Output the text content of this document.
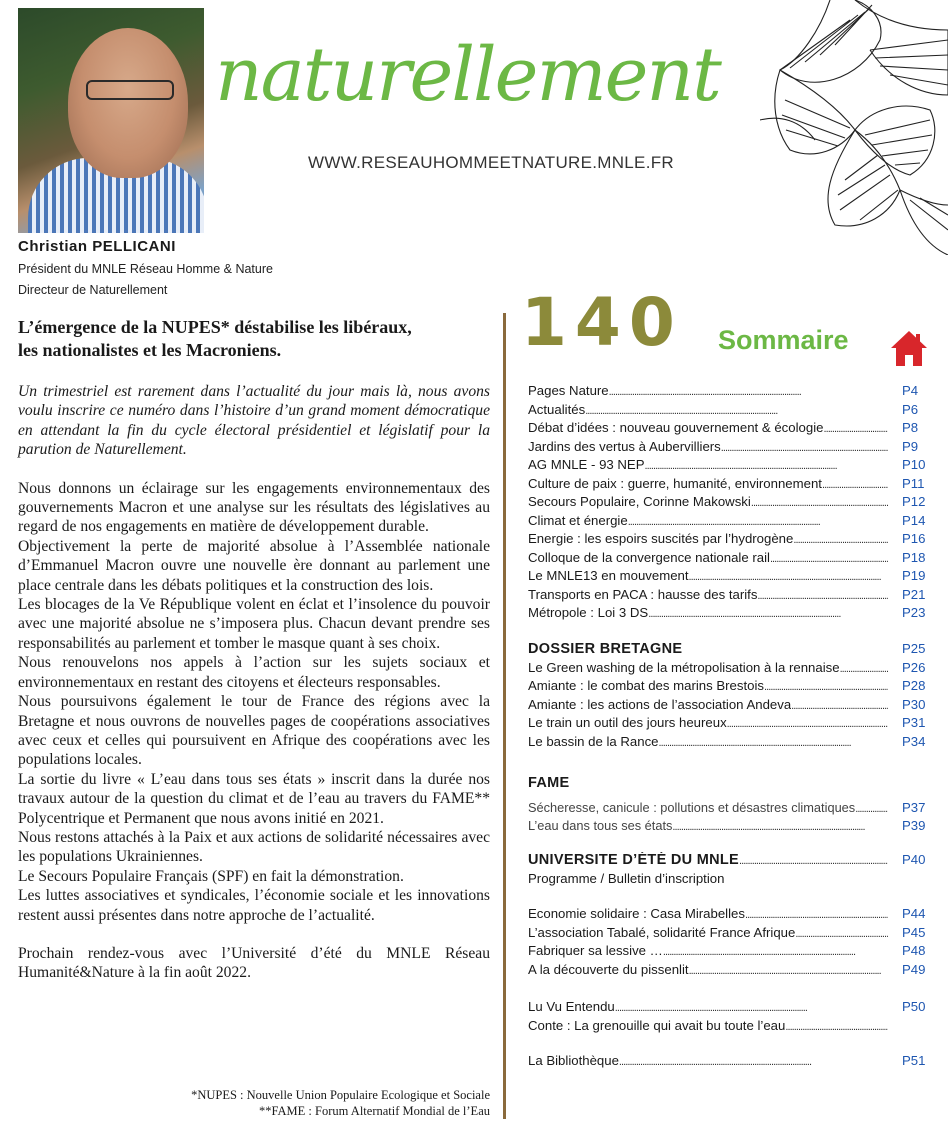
Christian PELLICANI
Président du MNLE Réseau Homme & Nature
Directeur de Naturellement
naturellement
WWW.RESEAUHOMMEETNATURE.MNLE.FR
L’émergence de la NUPES* déstabilise les libéraux,
les nationalistes et les Macroniens.

Un trimestriel est rarement dans l’actualité du jour mais là, nous avons voulu inscrire ce numéro dans l’histoire d’un grand moment démocratique en attendant la fin du cycle électoral présidentiel et législatif pour la parution de Naturellement.

Nous donnons un éclairage sur les engagements environnementaux des gouvernements Macron et une analyse sur les résultats des législatives au regard de nos engagements en matière de développement durable.

Objectivement la perte de majorité absolue à l’Assemblée nationale d’Emmanuel Macron ouvre une nouvelle ère donnant au parlement une place centrale dans les débats politiques et la construction des lois.

Les blocages de la Ve République volent en éclat et l’insolence du pouvoir avec une majorité absolue ne s’imposera plus. Chacun devant prendre ses responsabilités au parlement et tomber le masque quant à ses choix.

Nous renouvelons nos appels à l’action sur les sujets sociaux et environnementaux en restant des citoyens et électeurs responsables.

Nous poursuivons également le tour de France des régions avec la Bretagne et nous ouvrons de nouvelles pages de coopérations associatives avec ceux et celles qui poursuivent en Afrique des coopérations avec les populations locales.

La sortie du livre « L’eau dans tous ses états » inscrit dans la durée nos travaux autour de la question du climat et de l’eau au travers du FAME** Polycentrique et Permanent que nous avons initié en 2021.

Nous restons attachés à la Paix et aux actions de solidarité nécessaires avec les populations Ukrainiennes.

Le Secours Populaire Français (SPF) en fait la démonstration.

Les luttes associatives et syndicales, l’économie sociale et les innovations restent aussi présentes dans notre approche de l’actualité.

Prochain rendez-vous avec l’Université d’été du MNLE Réseau Humanité&Nature à la fin août 2022.

*NUPES : Nouvelle Union Populaire Ecologique et Sociale
**FAME : Forum Alternatif Mondial de l’Eau
140 Sommaire
Pages Nature . . .	P4
Actualités . . .	P6
Débat d’idées : nouveau gouvernement & écologie . . .	P8
Jardins des vertus à Aubervilliers . . .	P9
AG MNLE - 93 NEP . . .	P10
Culture de paix : guerre, humanité, environnement . . .	P11
Secours Populaire, Corinne Makowski . . .	P12
Climat et énergie . . .	P14
Energie : les espoirs suscités par l’hydrogène . . .	P16
Colloque de la convergence nationale rail . . .	P18
Le MNLE13 en mouvement . . .	P19
Transports en PACA : hausse des tarifs . . .	P21
Métropole : Loi 3 DS . . .	P23
DOSSIER BRETAGNE	P25
Le Green washing de la métropolisation à la rennaise . . .	P26
Amiante : le combat des marins Brestois . . .	P28
Amiante : les actions de l’association Andeva . . .	P30
Le train un outil des jours heureux . . .	P31
Le bassin de la Rance . . .	P34
FAME
Sécheresse, canicule : pollutions et désastres climatiques . . .	P37
L’eau dans tous ses états . . .	P39
UNIVERSITE D’ÉTÉ DU MNLE . . .	P40
Programme / Bulletin d’inscription
Economie solidaire : Casa Mirabelles . . .	P44
L’association Tabalé, solidarité France Afrique . . .	P45
Fabriquer sa lessive … . . .	P48
A la découverte du pissenlit . . .	P49
Lu Vu Entendu . . .	P50
Conte : La grenouille qui avait bu toute l’eau
. . .
La Bibliothèque . . .	P51
